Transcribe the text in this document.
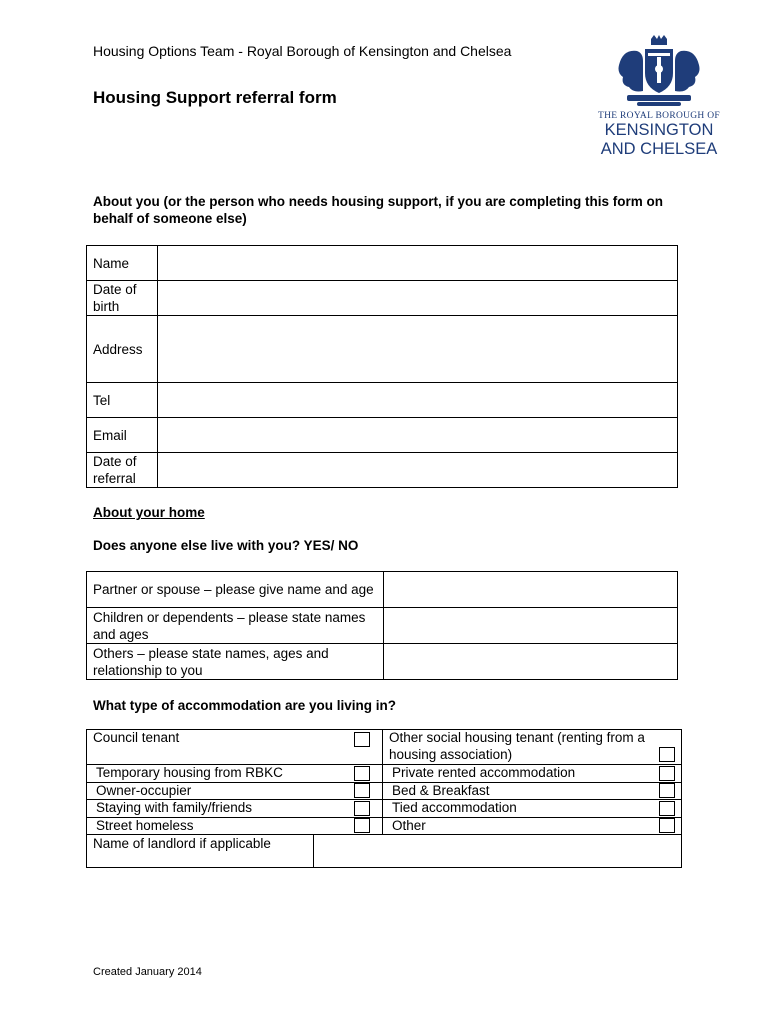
Housing Options Team - Royal Borough of Kensington and Chelsea
Housing Support referral form
THE ROYAL BOROUGH OF
KENSINGTON
AND CHELSEA
About you (or the person who needs housing support, if you are completing this form on behalf of someone else)
Name	
Date of birth	
Address	
Tel	
Email	
Date of referral	
About your home
Does anyone else live with you? YES/ NO
Partner or spouse – please give name and age	
Children or dependents – please state names and ages	
Others – please state names, ages and relationship to you	
What type of accommodation are you living in?
Council tenant	Other social housing tenant (renting from a housing association)

Temporary housing from RBKC	Private rented accommodation

Owner-occupier	Bed & Breakfast

Staying with family/friends	Tied accommodation

Street homeless	Other
Name of landlord if applicable
Created January 2014
